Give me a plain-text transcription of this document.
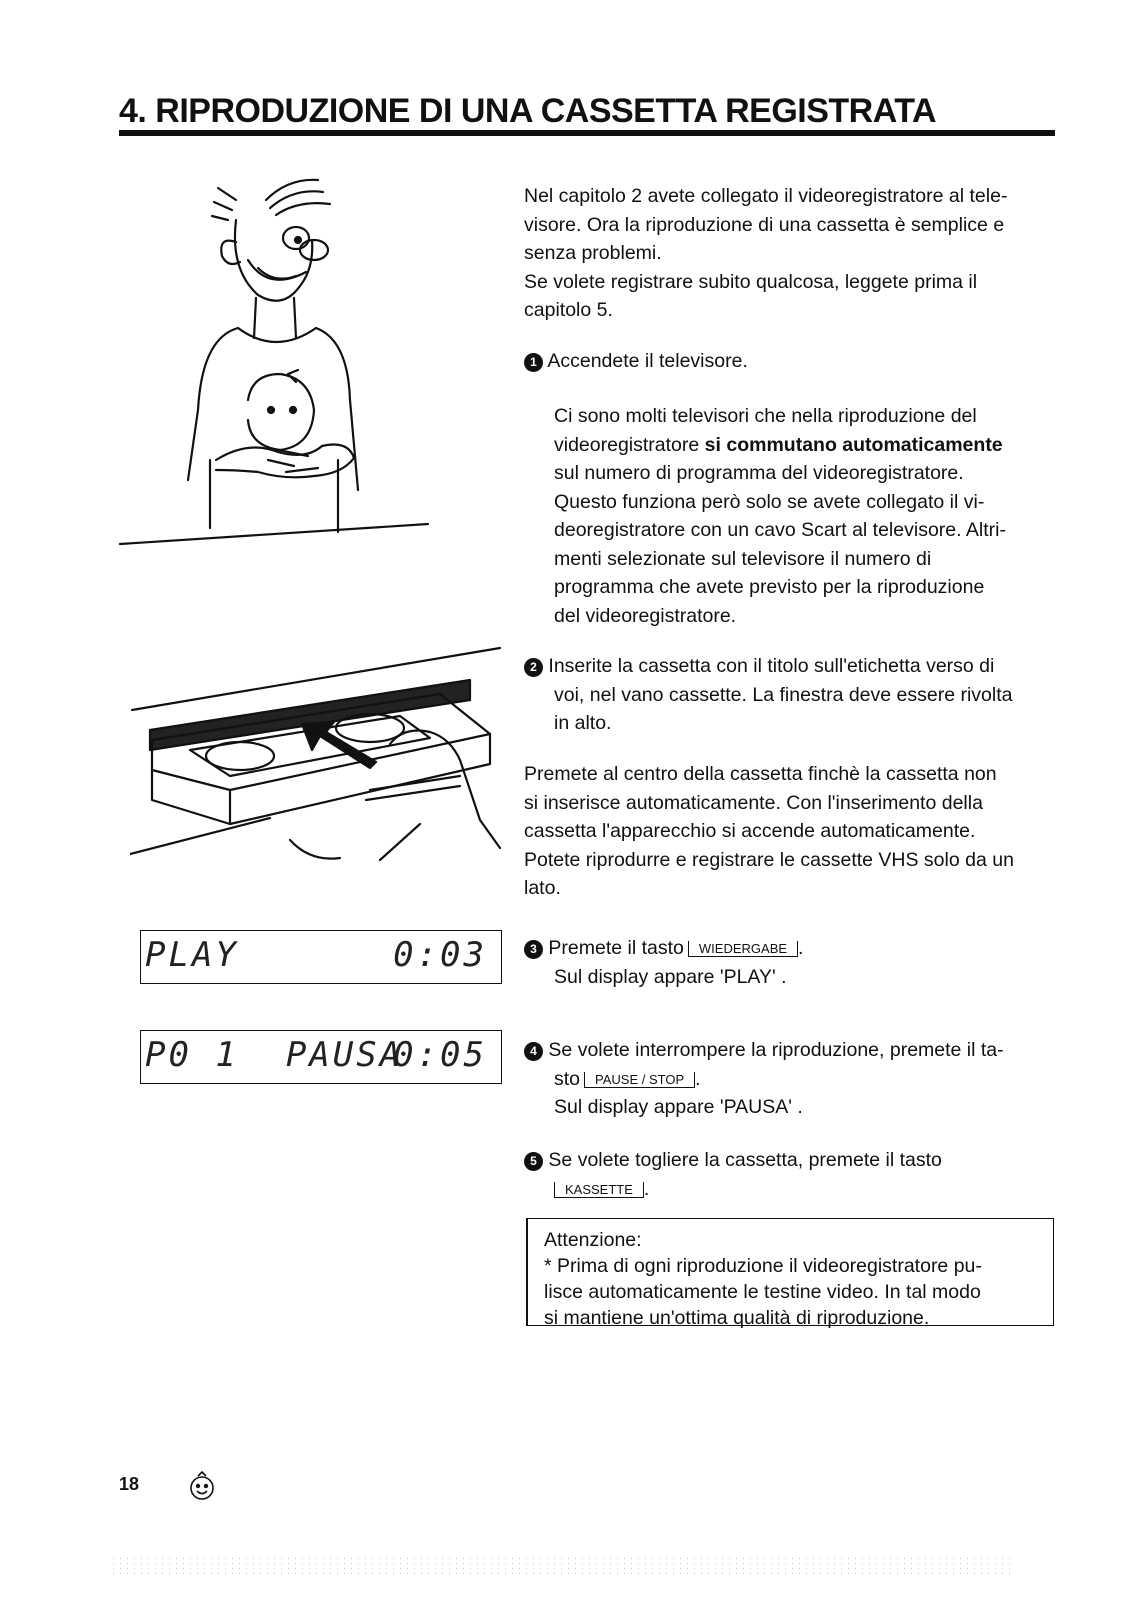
4. RIPRODUZIONE DI UNA CASSETTA REGISTRATA
Nel capitolo 2 avete collegato il videoregistratore al tele-
visore. Ora la riproduzione di una cassetta è semplice e
senza problemi.
Se volete registrare subito qualcosa, leggete prima il
capitolo 5.
1 Accendete il televisore.
Ci sono molti televisori che nella riproduzione del
videoregistratore si commutano automaticamente
sul numero di programma del videoregistratore.
Questo funziona però solo se avete collegato il vi-
deoregistratore con un cavo Scart al televisore. Altri-
menti selezionate sul televisore il numero di
programma che avete previsto per la riproduzione
del videoregistratore.
2 Inserite la cassetta con il titolo sull'etichetta verso di
voi, nel vano cassette. La finestra deve essere rivolta
in alto.
Premete al centro della cassetta finchè la cassetta non
si inserisce automaticamente. Con l'inserimento della
cassetta l'apparecchio si accende automaticamente.
Potete riprodurre e registrare le cassette VHS solo da un
lato.
PLAY	0:03	3 Premete il tasto WIEDERGABE .
Sul display appare 'PLAY' .
P0 1  PAUSA
0:05	4 Se volete interrompere la riproduzione, premete il ta-
sto PAUSE / STOP .
Sul display appare 'PAUSA' .
5 Se volete togliere la cassetta, premete il tasto
KASSETTE .
Attenzione:
* Prima di ogni riproduzione il videoregistratore pu-
lisce automaticamente le testine video. In tal modo
si mantiene un'ottima qualità di riproduzione.
18
